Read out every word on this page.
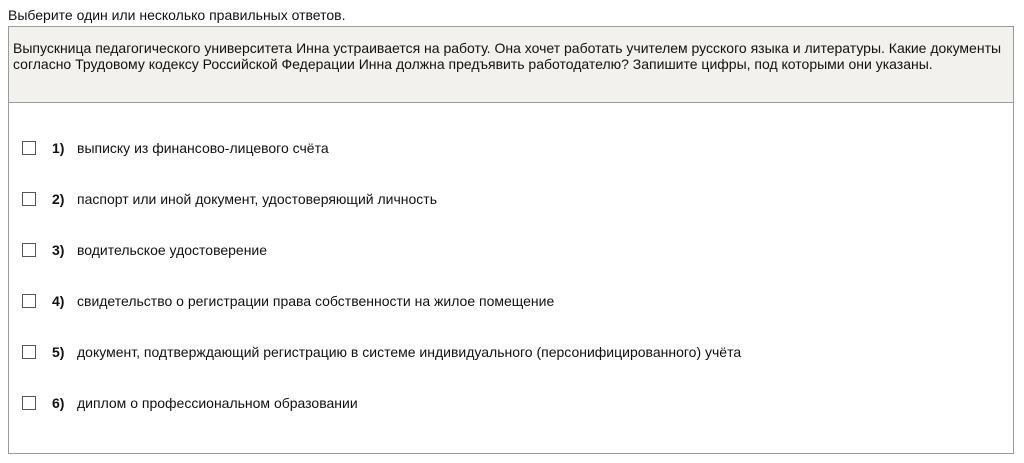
Выберите один или несколько правильных ответов.

Выпускница педагогического университета Инна устраивается на работу. Она хочет работать учителем русского языка и литературы. Какие документы согласно Трудовому кодексу Российской Федерации Инна должна предъявить работодателю? Запишите цифры, под которыми они указаны.

1) выписку из финансово-лицевого счёта
2) паспорт или иной документ, удостоверяющий личность
3) водительское удостоверение
4) свидетельство о регистрации права собственности на жилое помещение
5) документ, подтверждающий регистрацию в системе индивидуального (персонифицированного) учёта
6) диплом о профессиональном образовании
